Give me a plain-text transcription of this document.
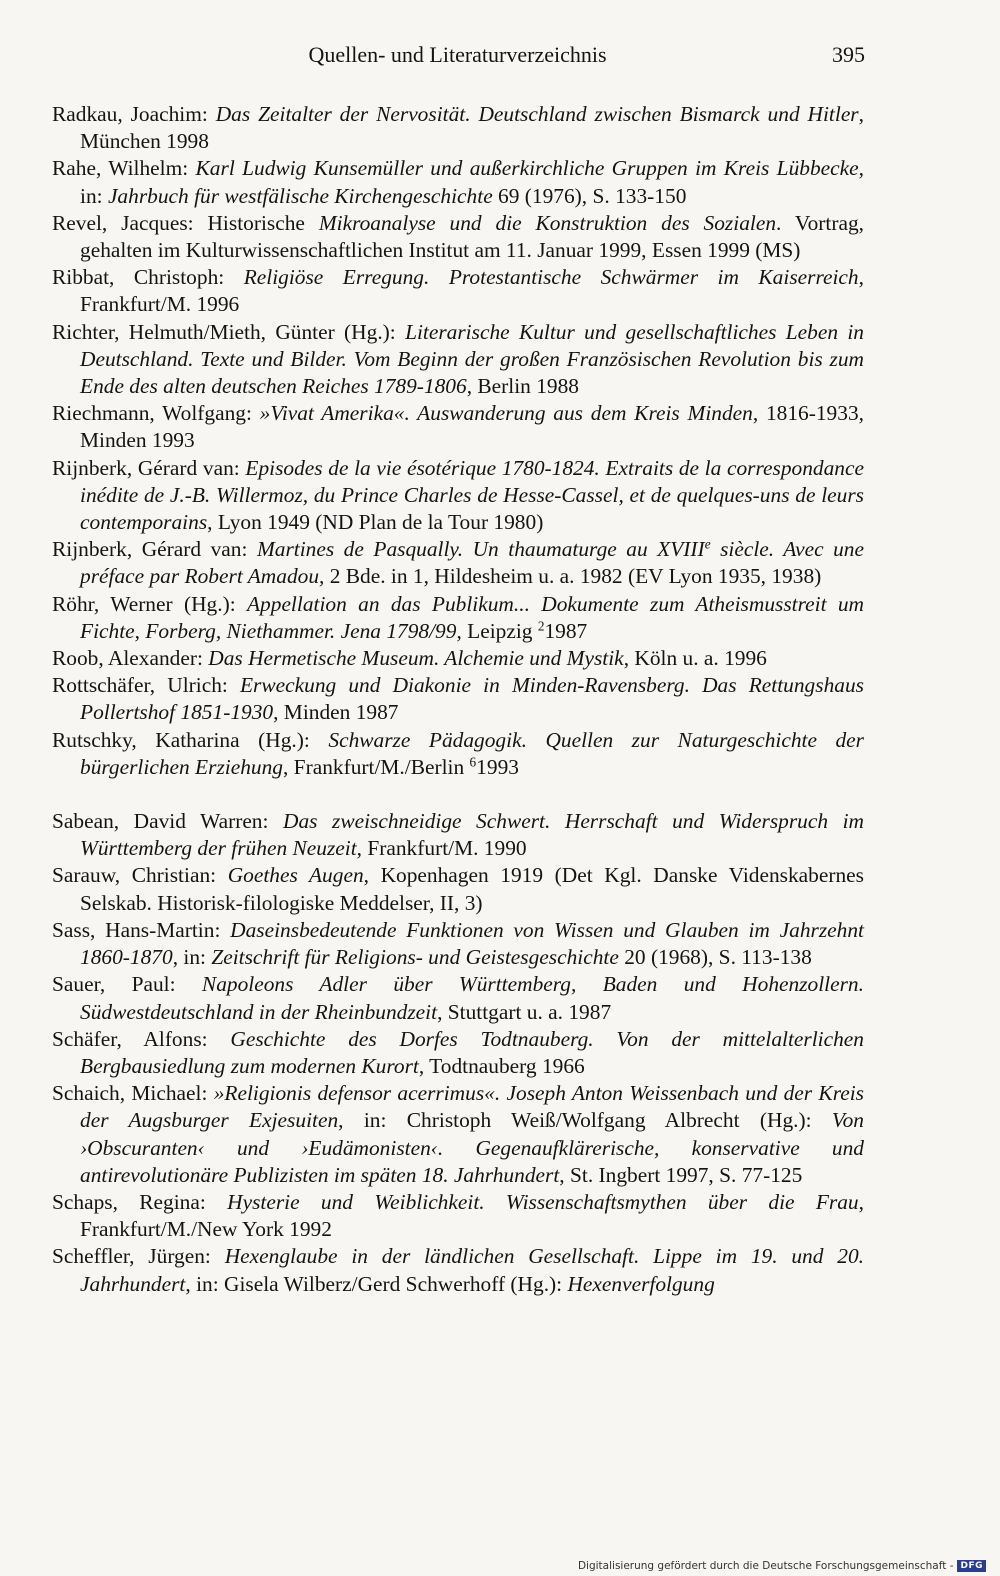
Quellen- und Literaturverzeichnis	395

Radkau, Joachim: Das Zeitalter der Nervosität. Deutschland zwischen Bismarck und Hitler, München 1998

Rahe, Wilhelm: Karl Ludwig Kunsemüller und außerkirchliche Gruppen im Kreis Lübbecke, in: Jahrbuch für westfälische Kirchengeschichte 69 (1976), S. 133-150

Revel, Jacques: Historische Mikroanalyse und die Konstruktion des Sozialen. Vortrag, gehalten im Kulturwissenschaftlichen Institut am 11. Januar 1999, Essen 1999 (MS)

Ribbat, Christoph: Religiöse Erregung. Protestantische Schwärmer im Kaiserreich, Frankfurt/M. 1996

Richter, Helmuth/Mieth, Günter (Hg.): Literarische Kultur und gesellschaftliches Leben in Deutschland. Texte und Bilder. Vom Beginn der großen Französischen Revolution bis zum Ende des alten deutschen Reiches 1789-1806, Berlin 1988

Riechmann, Wolfgang: »Vivat Amerika«. Auswanderung aus dem Kreis Minden, 1816-1933, Minden 1993

Rijnberk, Gérard van: Episodes de la vie ésotérique 1780-1824. Extraits de la correspondance inédite de J.-B. Willermoz, du Prince Charles de Hesse-Cassel, et de quelques-uns de leurs contemporains, Lyon 1949 (ND Plan de la Tour 1980)

Rijnberk, Gérard van: Martines de Pasqually. Un thaumaturge au XVIIIe siècle. Avec une préface par Robert Amadou, 2 Bde. in 1, Hildesheim u. a. 1982 (EV Lyon 1935, 1938)

Röhr, Werner (Hg.): Appellation an das Publikum... Dokumente zum Atheismusstreit um Fichte, Forberg, Niethammer. Jena 1798/99, Leipzig $^2$1987

Roob, Alexander: Das Hermetische Museum. Alchemie und Mystik, Köln u. a. 1996

Rottschäfer, Ulrich: Erweckung und Diakonie in Minden-Ravensberg. Das Rettungshaus Pollertshof 1851-1930, Minden 1987

Rutschky, Katharina (Hg.): Schwarze Pädagogik. Quellen zur Naturgeschichte der bürgerlichen Erziehung, Frankfurt/M./Berlin $^6$1993

Sabean, David Warren: Das zweischneidige Schwert. Herrschaft und Widerspruch im Württemberg der frühen Neuzeit, Frankfurt/M. 1990

Sarauw, Christian: Goethes Augen, Kopenhagen 1919 (Det Kgl. Danske Videnskabernes Selskab. Historisk-filologiske Meddelser, II, 3)

Sass, Hans-Martin: Daseinsbedeutende Funktionen von Wissen und Glauben im Jahrzehnt 1860-1870, in: Zeitschrift für Religions- und Geistesgeschichte 20 (1968), S. 113-138

Sauer, Paul: Napoleons Adler über Württemberg, Baden und Hohenzollern. Südwestdeutschland in der Rheinbundzeit, Stuttgart u. a. 1987

Schäfer, Alfons: Geschichte des Dorfes Todtnauberg. Von der mittelalterlichen Bergbausiedlung zum modernen Kurort, Todtnauberg 1966

Schaich, Michael: »Religionis defensor acerrimus«. Joseph Anton Weissenbach und der Kreis der Augsburger Exjesuiten, in: Christoph Weiß/Wolfgang Albrecht (Hg.): Von ›Obscuranten‹ und ›Eudämonisten‹. Gegenaufklärerische, konservative und antirevolutionäre Publizisten im späten 18. Jahrhundert, St. Ingbert 1997, S. 77-125

Schaps, Regina: Hysterie und Weiblichkeit. Wissenschaftsmythen über die Frau, Frankfurt/M./New York 1992

Scheffler, Jürgen: Hexenglaube in der ländlichen Gesellschaft. Lippe im 19. und 20. Jahrhundert, in: Gisela Wilberz/Gerd Schwerhoff (Hg.): Hexenverfolgung

Digitalisierung gefördert durch die Deutsche Forschungsgemeinschaft - DFG
